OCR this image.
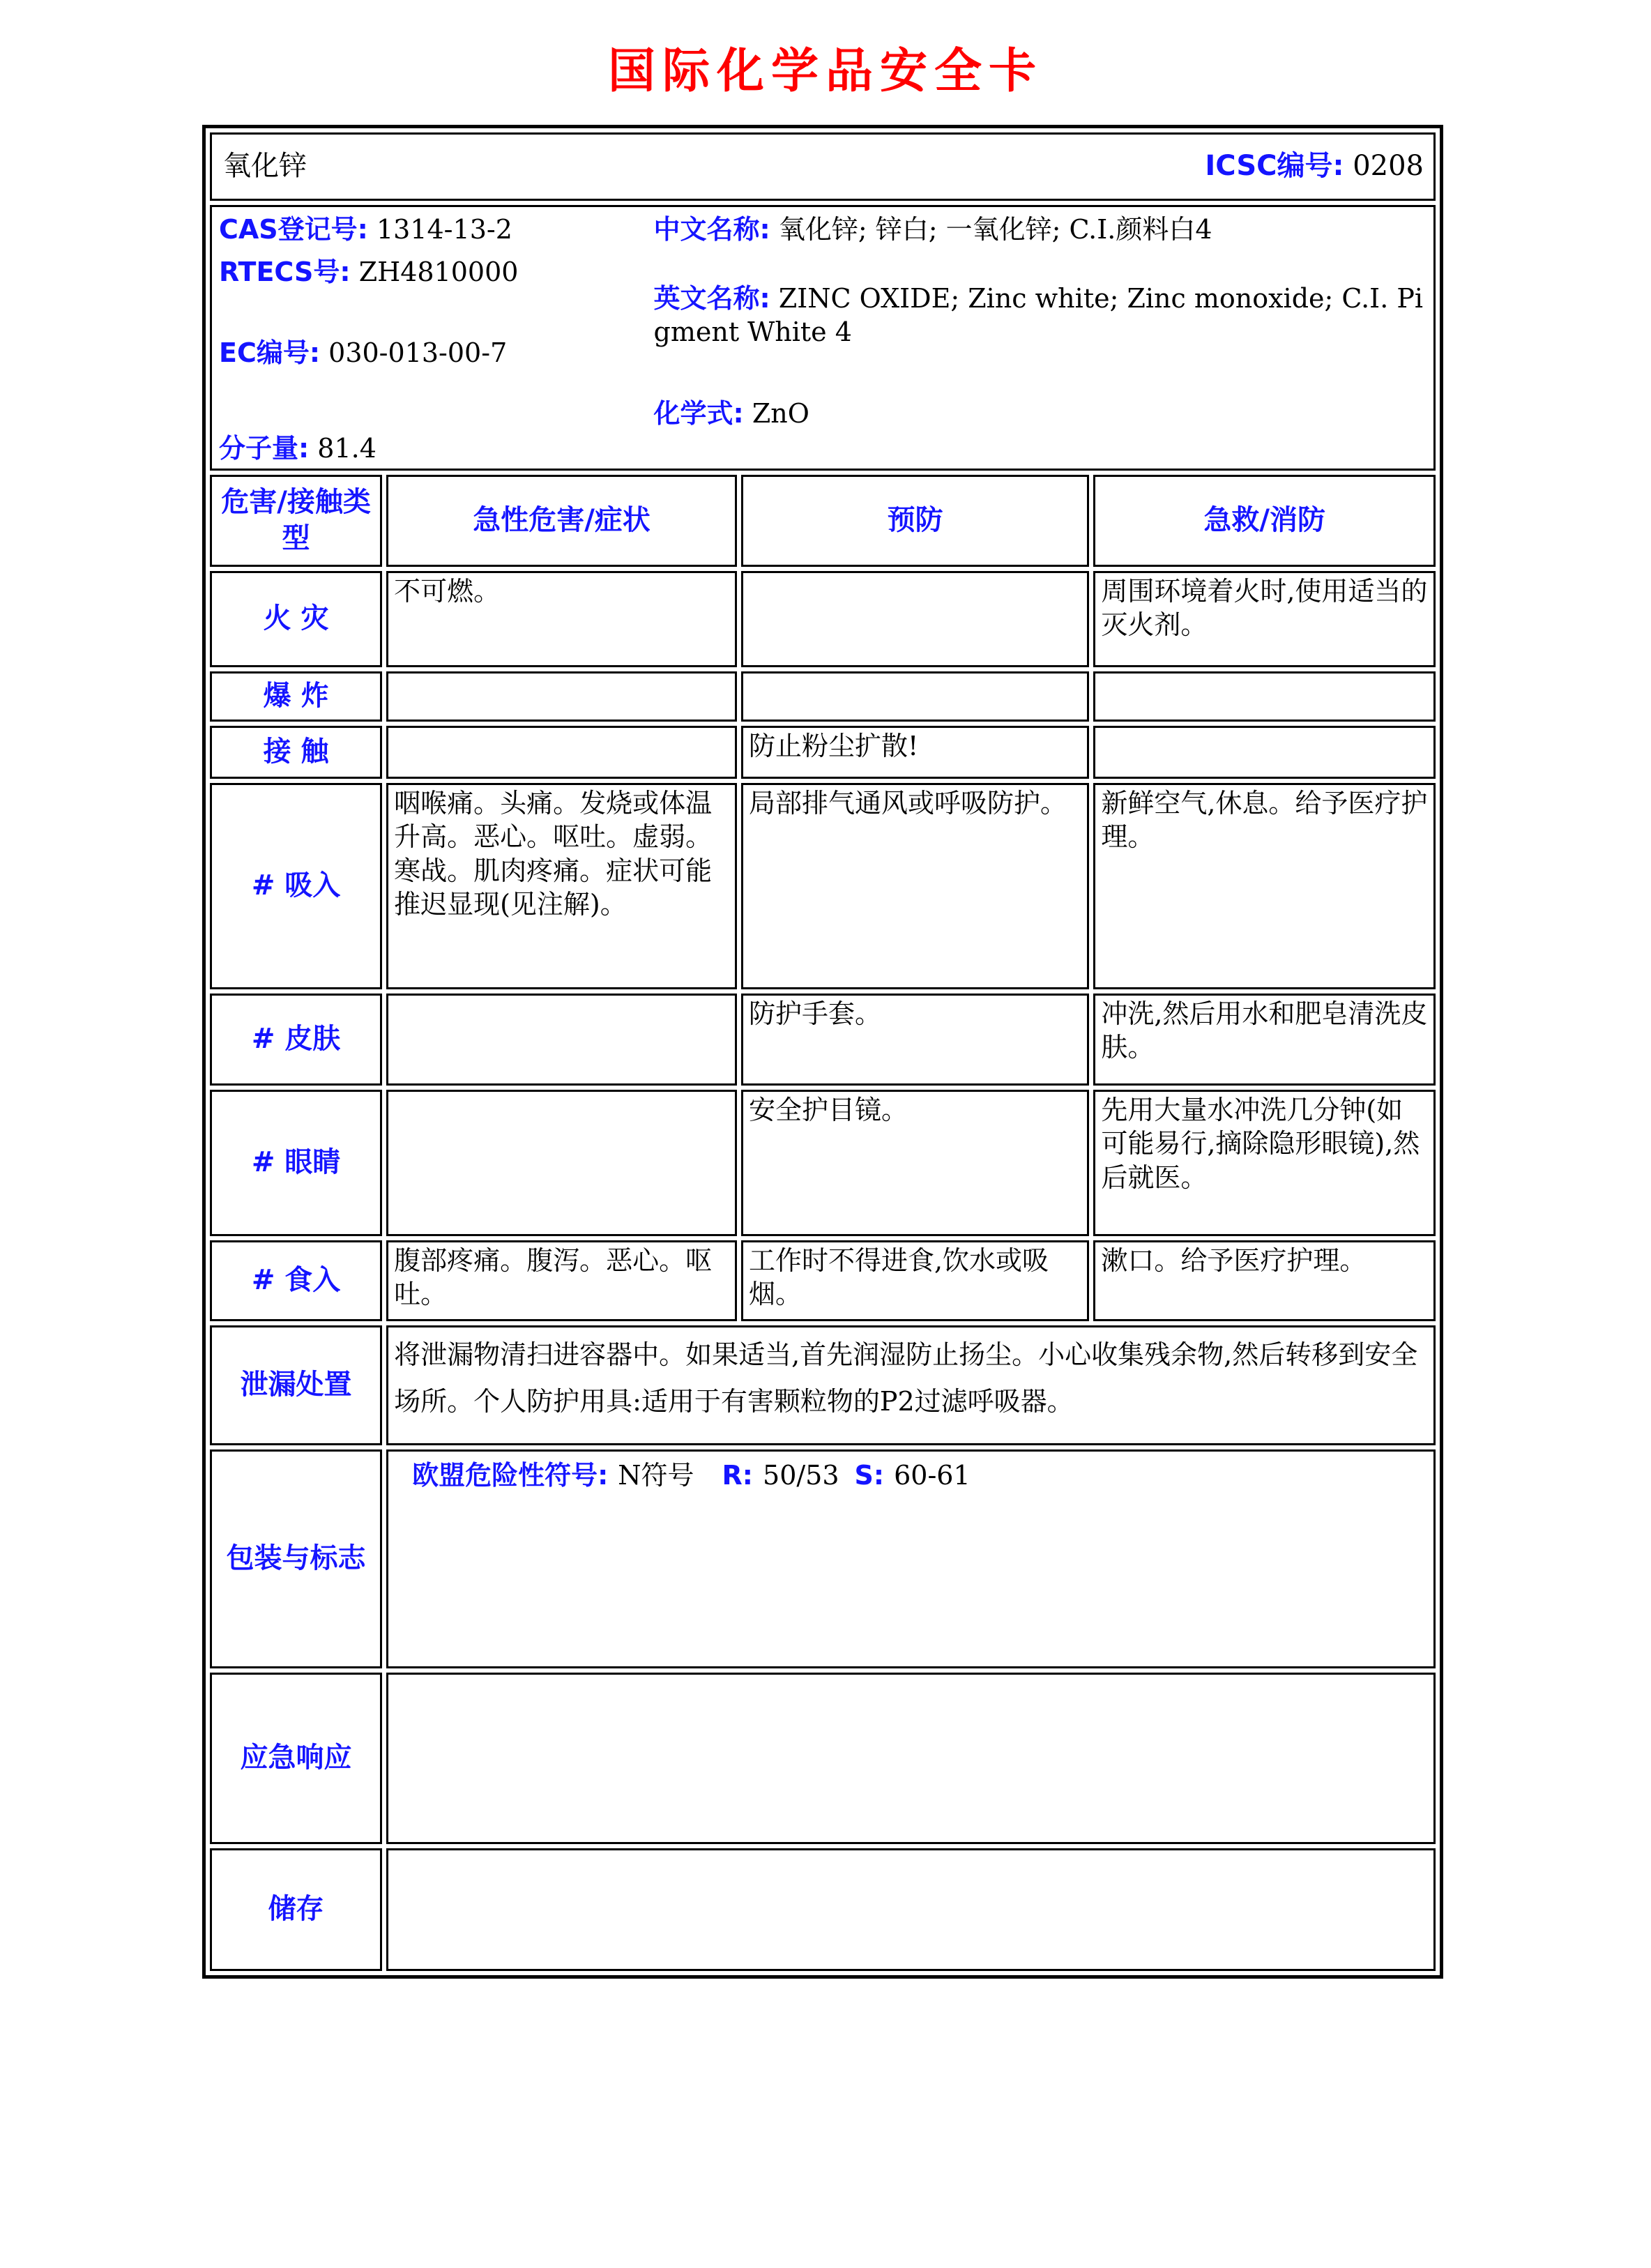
国际化学品安全卡
氧化锌 ICSC编号: 0208			

CAS登记号: 1314-13-2
RTECS号: ZH4810000
EC编号: 030-013-00-7
分子量: 81.4
中文名称: 氧化锌; 锌白; 一氧化锌; C.I.颜料白4
英文名称: ZINC OXIDE; Zinc white; Zinc monoxide; C.I. Pigment White 4
化学式: ZnO

危害/接触类型	急性危害/症状	预防	急救/消防
火 灾	不可燃。		周围环境着火时,使用适当的灭火剂。
爆 炸			
接 触		防止粉尘扩散!	
# 吸入	咽喉痛。头痛。发烧或体温升高。恶心。呕吐。虚弱。寒战。肌肉疼痛。症状可能推迟显现(见注解)。	局部排气通风或呼吸防护。	新鲜空气,休息。给予医疗护理。
# 皮肤		防护手套。	冲洗,然后用水和肥皂清洗皮肤。
# 眼睛		安全护目镜。	先用大量水冲洗几分钟(如可能易行,摘除隐形眼镜),然后就医。
# 食入	腹部疼痛。腹泻。恶心。呕吐。	工作时不得进食,饮水或吸烟。	漱口。给予医疗护理。
泄漏处置	将泄漏物清扫进容器中。如果适当,首先润湿防止扬尘。小心收集残余物,然后转移到安全场所。个人防护用具:适用于有害颗粒物的P2过滤呼吸器。		
包装与标志	欧盟危险性符号: N符号 R: 50/53 S: 60-61		

应急响应			
储存			
